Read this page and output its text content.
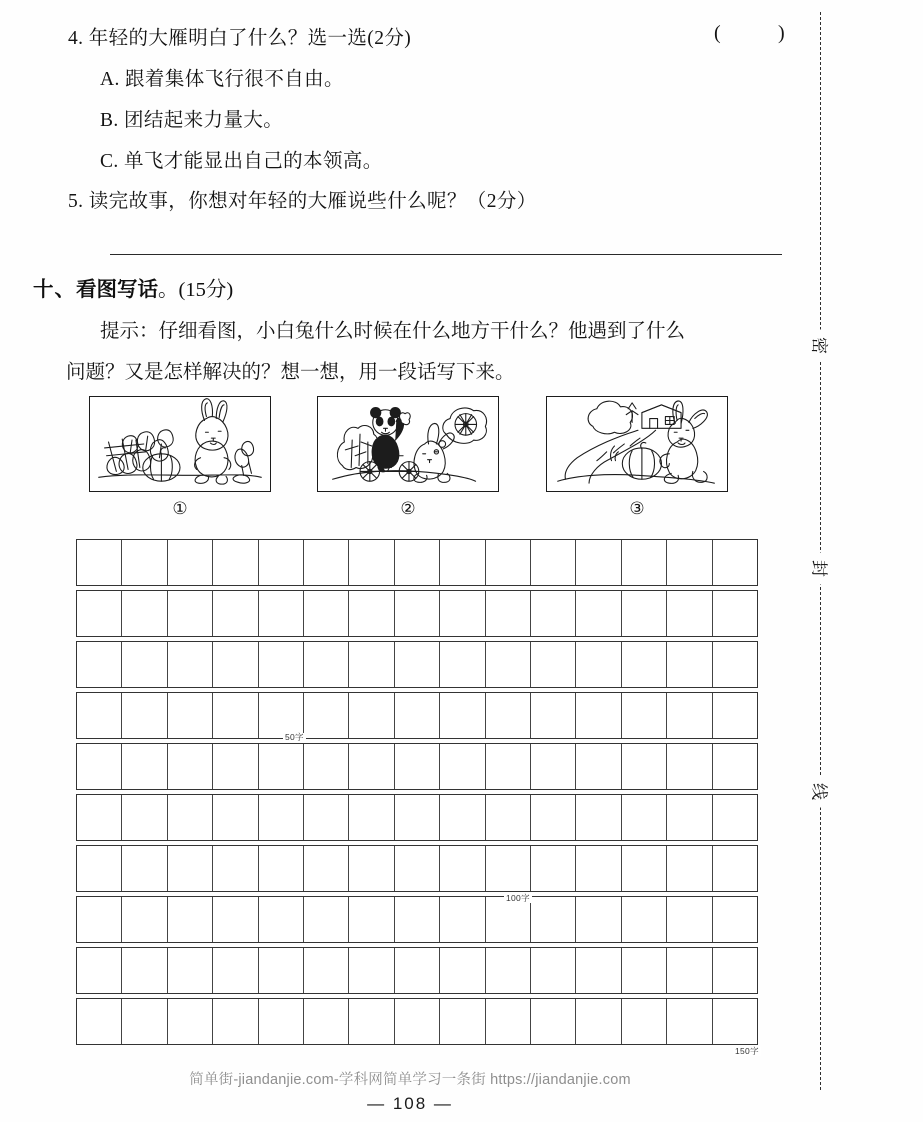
4. 年轻的大雁明白了什么？选一选(2分)
A. 跟着集体飞行很不自由。
B. 团结起来力量大。
C. 单飞才能显出自己的本领高。
5. 读完故事，你想对年轻的大雁说些什么呢？（2分）
(	)
十、看图写话。(15分)
提示：仔细看图，小白兔什么时候在什么地方干什么？他遇到了什么
问题？又是怎样解决的？想一想，用一段话写下来。
①	②	③
50字
100字
150字
密
封
线
简单街-jiandanjie.com-学科网简单学习一条街 https://jiandanjie.com
— 108 —
